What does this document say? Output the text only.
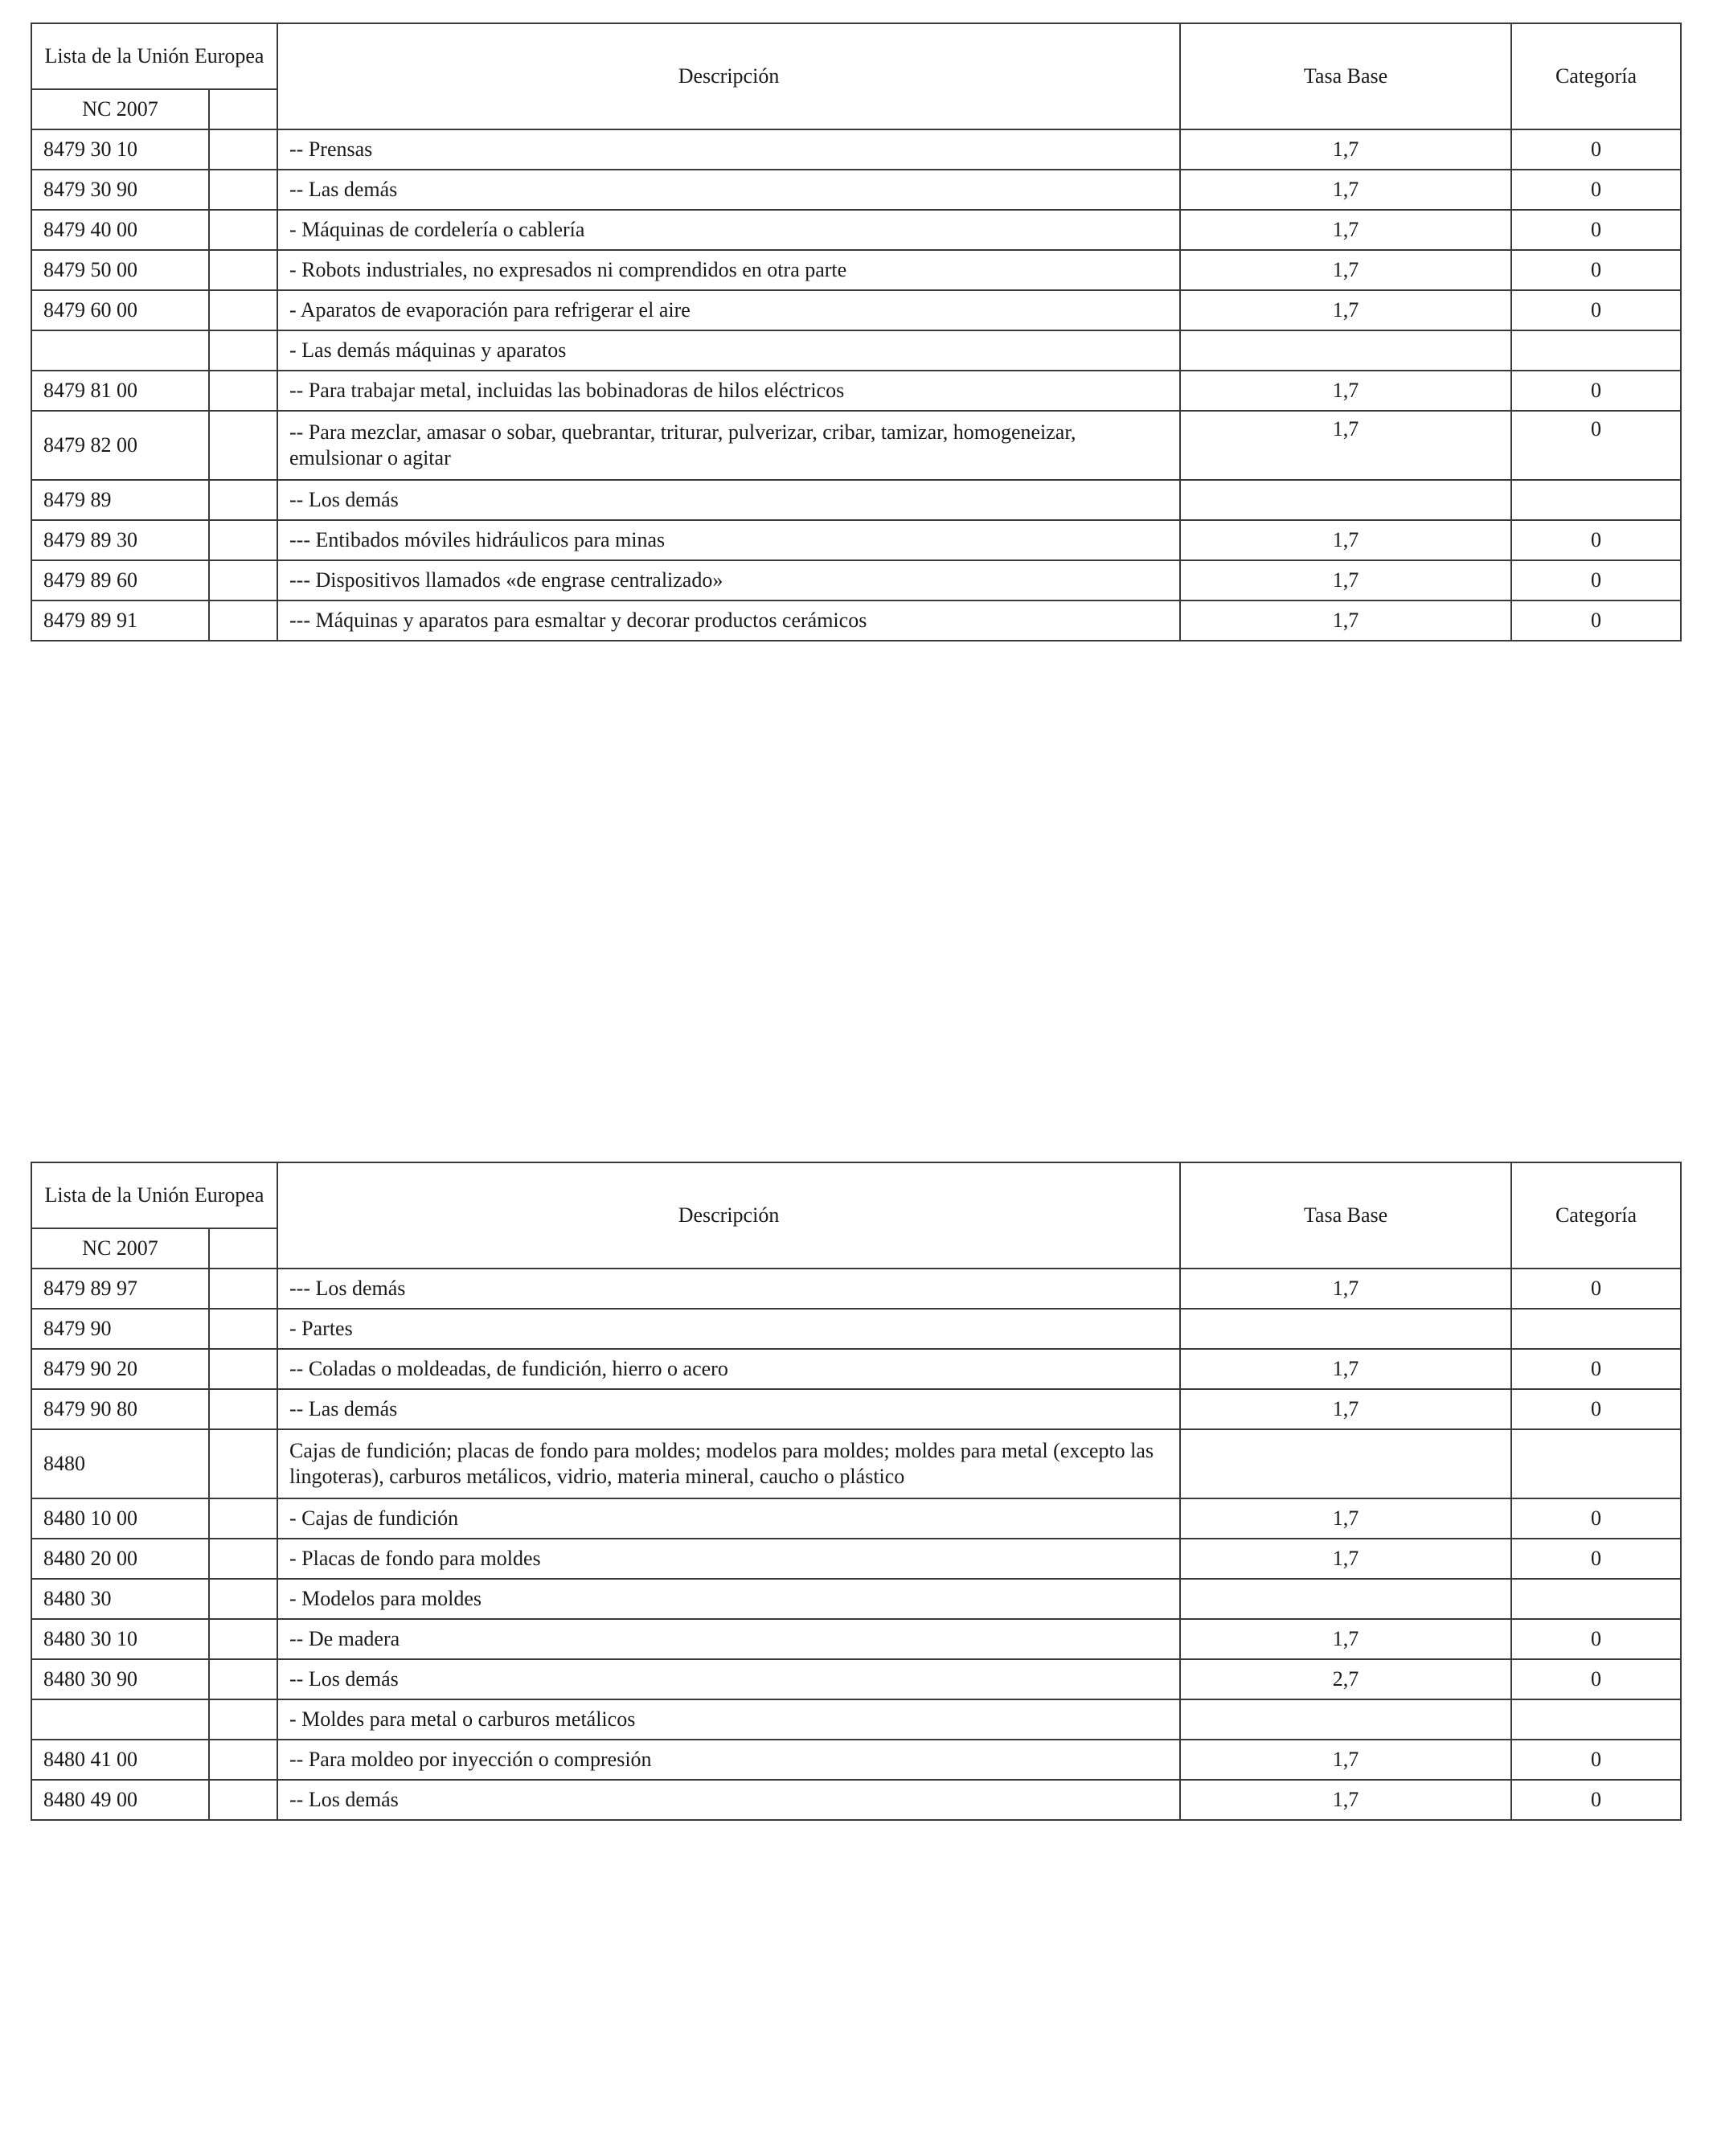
Lista de la Unión Europea		Descripción	Tasa Base	Categoría
NC 2007				
8479 30 10		-- Prensas	1,7	0
8479 30 90		-- Las demás	1,7	0
8479 40 00		- Máquinas de cordelería o cablería	1,7	0
8479 50 00		- Robots industriales, no expresados ni comprendidos en otra parte	1,7	0
8479 60 00		- Aparatos de evaporación para refrigerar el aire	1,7	0
		- Las demás máquinas y aparatos		
8479 81 00		-- Para trabajar metal, incluidas las bobinadoras de hilos eléctricos	1,7	0
8479 82 00		-- Para mezclar, amasar o sobar, quebrantar, triturar, pulverizar, cribar, tamizar, homogeneizar, emulsionar o agitar	1,7	0
8479 89		-- Los demás		
8479 89 30		--- Entibados móviles hidráulicos para minas	1,7	0
8479 89 60		--- Dispositivos llamados «de engrase centralizado»	1,7	0
8479 89 91		--- Máquinas y aparatos para esmaltar y decorar productos cerámicos	1,7	0
Lista de la Unión Europea		Descripción	Tasa Base	Categoría
NC 2007				
8479 89 97		--- Los demás	1,7	0
8479 90		- Partes		
8479 90 20		-- Coladas o moldeadas, de fundición, hierro o acero	1,7	0
8479 90 80		-- Las demás	1,7	0
8480		Cajas de fundición; placas de fondo para moldes; modelos para moldes; moldes para metal (excepto las lingoteras), carburos metálicos, vidrio, materia mineral, caucho o plástico		
8480 10 00		- Cajas de fundición	1,7	0
8480 20 00		- Placas de fondo para moldes	1,7	0
8480 30		- Modelos para moldes		
8480 30 10		-- De madera	1,7	0
8480 30 90		-- Los demás	2,7	0
		- Moldes para metal o carburos metálicos		
8480 41 00		-- Para moldeo por inyección o compresión	1,7	0
8480 49 00		-- Los demás	1,7	0
